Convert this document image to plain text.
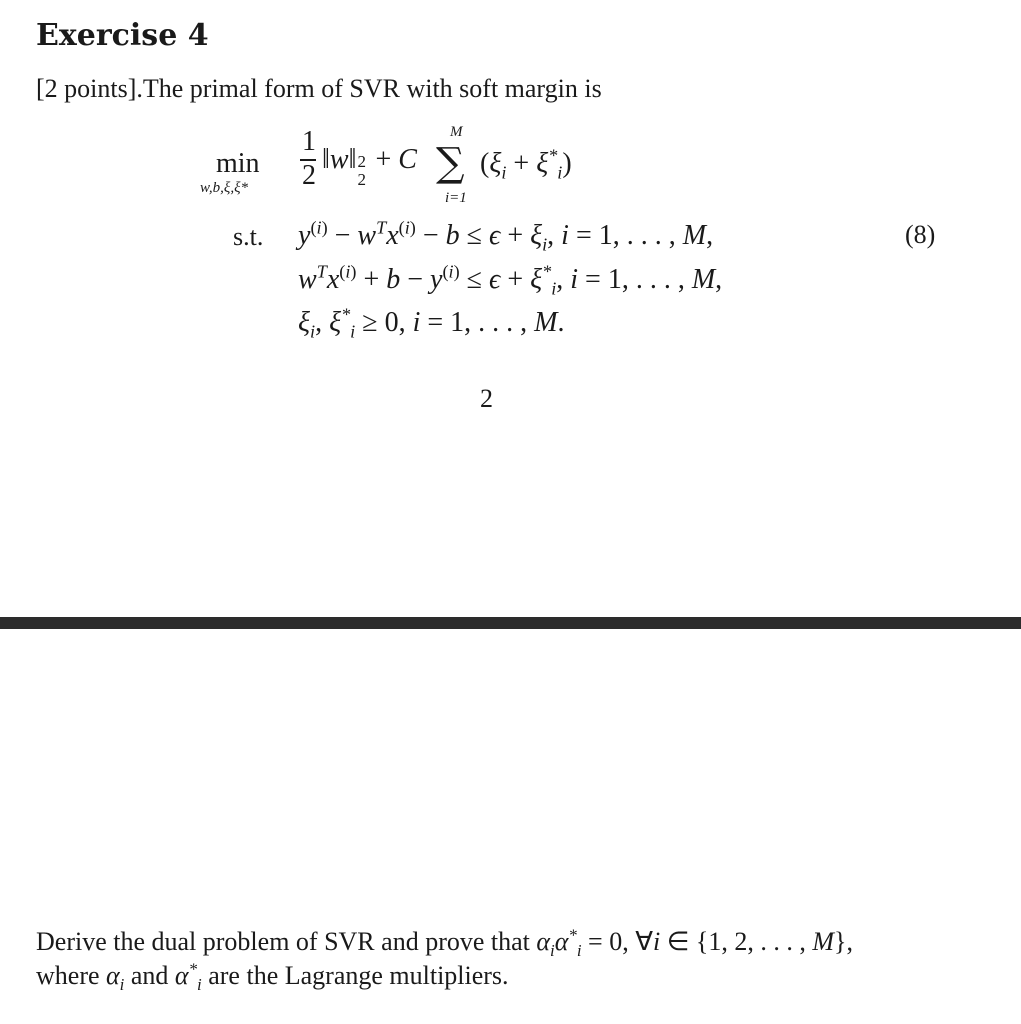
Exercise 4
[2 points].The primal form of SVR with soft margin is
min
w,b,ξ,ξ*
1
2
‖w‖ 2
2
+ C
M
∑
i=1
$(\xi_i + \xi^*_i)$
s.t. $y^{(i)} - w^Tx^{(i)} - b \le \epsilon + \xi_i$, i = 1, . . . , M,
$w^Tx^{(i)} + b - y^{(i)} \le \epsilon + \xi^*_i$, i = 1, . . . , M,
$\xi_i$, $\xi^*_i \ge 0$, i = 1, . . . , M.
(8)
2
Derive the dual problem of SVR and prove that $\alpha_i\alpha^*_i = 0$, ∀i ∈ {1, 2, . . . , M},
where $\alpha_i$ and $\alpha^*_i$ are the Lagrange multipliers.
